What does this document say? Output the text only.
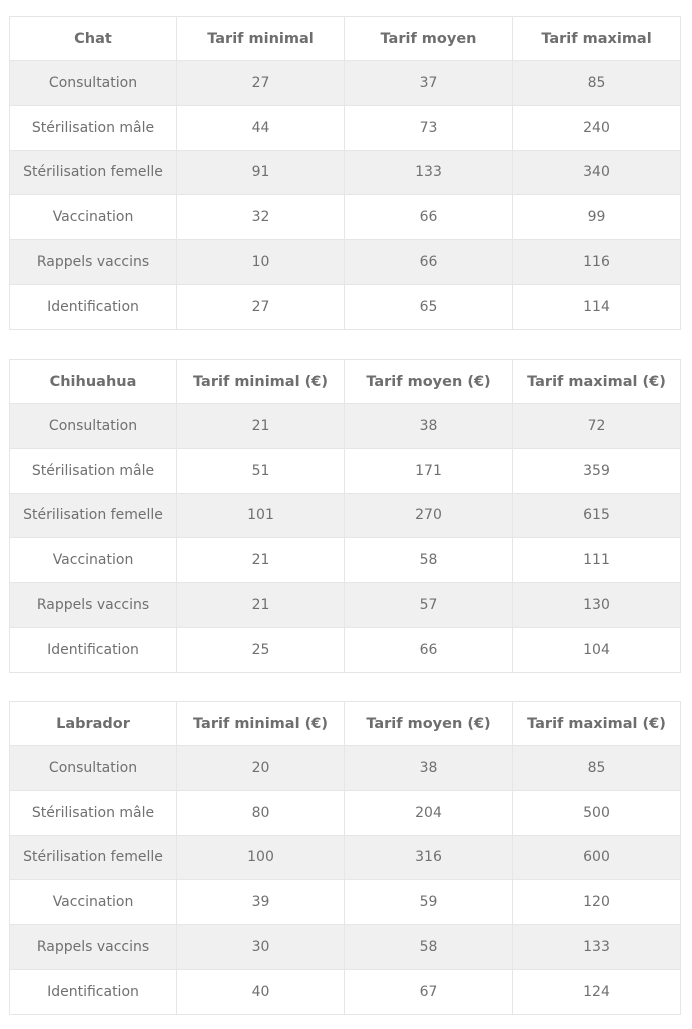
Chat	Tarif minimal	Tarif moyen	Tarif maximal
Consultation	27	37	85
Stérilisation mâle	44	73	240
Stérilisation femelle	91	133	340
Vaccination	32	66	99
Rappels vaccins	10	66	116
Identification	27	65	114
Chihuahua	Tarif minimal (€)	Tarif moyen (€)	Tarif maximal (€)
Consultation	21	38	72
Stérilisation mâle	51	171	359
Stérilisation femelle	101	270	615
Vaccination	21	58	111
Rappels vaccins	21	57	130
Identification	25	66	104
Labrador	Tarif minimal (€)	Tarif moyen (€)	Tarif maximal (€)
Consultation	20	38	85
Stérilisation mâle	80	204	500
Stérilisation femelle	100	316	600
Vaccination	39	59	120
Rappels vaccins	30	58	133
Identification	40	67	124
